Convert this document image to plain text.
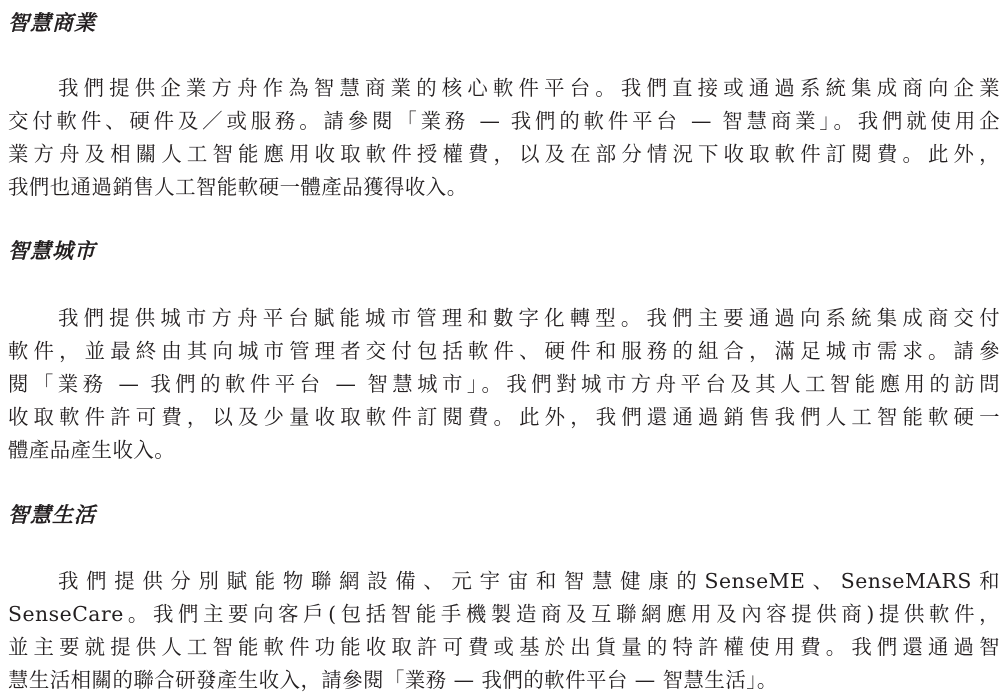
智慧商業
我們提供企業方舟作為智慧商業的核心軟件平台。我們直接或通過系統集成商向企業
交付軟件、硬件及／或服務。請參閱「業務 — 我們的軟件平台 — 智慧商業」。我們就使用企
業方舟及相關人工智能應用收取軟件授權費，以及在部分情況下收取軟件訂閱費。此外，
我們也通過銷售人工智能軟硬一體產品獲得收入。
智慧城市
我們提供城市方舟平台賦能城市管理和數字化轉型。我們主要通過向系統集成商交付
軟件，並最終由其向城市管理者交付包括軟件、硬件和服務的組合，滿足城市需求。請參
閱「業務 — 我們的軟件平台 — 智慧城市」。我們對城市方舟平台及其人工智能應用的訪問
收取軟件許可費，以及少量收取軟件訂閱費。此外，我們還通過銷售我們人工智能軟硬一
體產品產生收入。
智慧生活
我們提供分別賦能物聯網設備、元宇宙和智慧健康的SenseME、SenseMARS和
SenseCare。我們主要向客戶(包括智能手機製造商及互聯網應用及內容提供商)提供軟件，
並主要就提供人工智能軟件功能收取許可費或基於出貨量的特許權使用費。我們還通過智
慧生活相關的聯合研發產生收入，請參閱「業務 — 我們的軟件平台 — 智慧生活」。
